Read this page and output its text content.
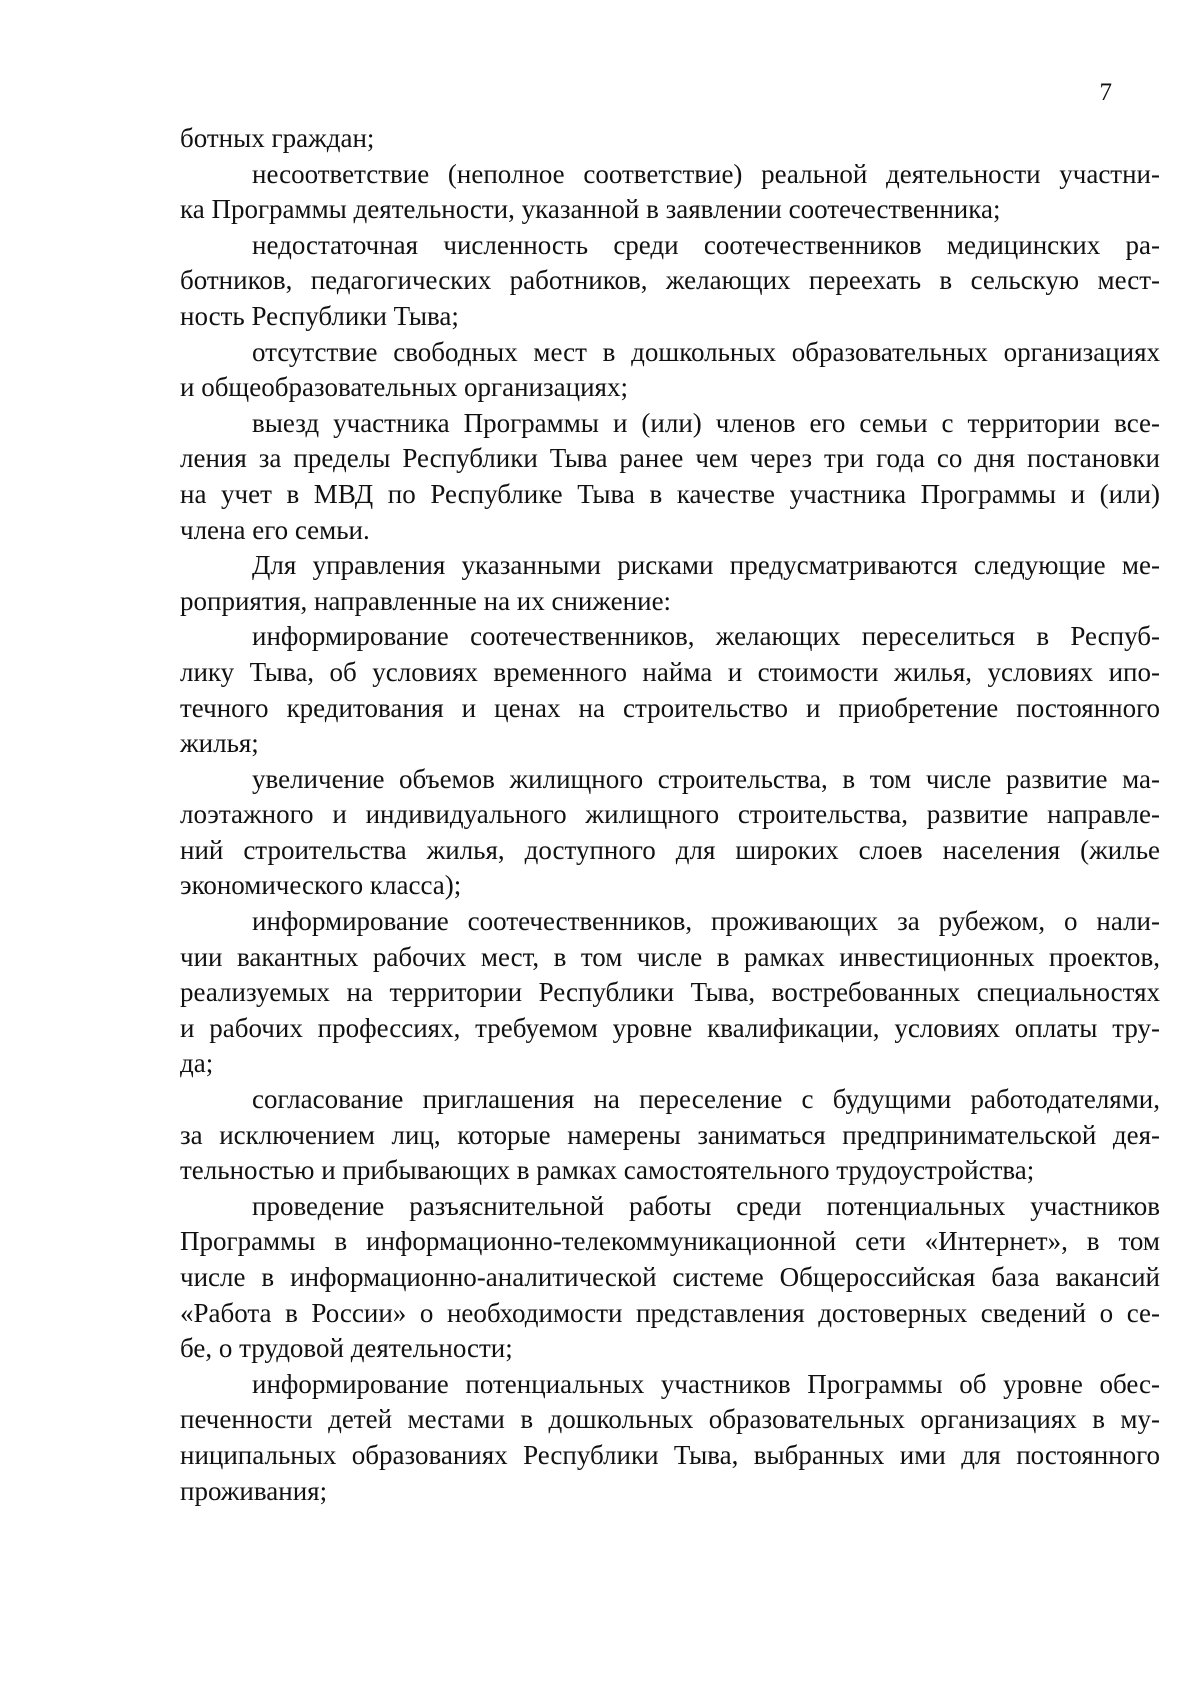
7

ботных граждан;

несоответствие (неполное соответствие) реальной деятельности участни-
ка Программы деятельности, указанной в заявлении соотечественника;

недостаточная численность среди соотечественников медицинских ра-
ботников, педагогических работников, желающих переехать в сельскую мест-
ность Республики Тыва;

отсутствие свободных мест в дошкольных образовательных организациях
и общеобразовательных организациях;

выезд участника Программы и (или) членов его семьи с территории все-
ления за пределы Республики Тыва ранее чем через три года со дня постановки
на учет в МВД по Республике Тыва в качестве участника Программы и (или)
члена его семьи.

Для управления указанными рисками предусматриваются следующие ме-
роприятия, направленные на их снижение:

информирование соотечественников, желающих переселиться в Респуб-
лику Тыва, об условиях временного найма и стоимости жилья, условиях ипо-
течного кредитования и ценах на строительство и приобретение постоянного
жилья;

увеличение объемов жилищного строительства, в том числе развитие ма-
лоэтажного и индивидуального жилищного строительства, развитие направле-
ний строительства жилья, доступного для широких слоев населения (жилье
экономического класса);

информирование соотечественников, проживающих за рубежом, о нали-
чии вакантных рабочих мест, в том числе в рамках инвестиционных проектов,
реализуемых на территории Республики Тыва, востребованных специальностях
и рабочих профессиях, требуемом уровне квалификации, условиях оплаты тру-
да;

согласование приглашения на переселение с будущими работодателями,
за исключением лиц, которые намерены заниматься предпринимательской дея-
тельностью и прибывающих в рамках самостоятельного трудоустройства;

проведение разъяснительной работы среди потенциальных участников
Программы в информационно-телекоммуникационной сети «Интернет», в том
числе в информационно-аналитической системе Общероссийская база вакансий
«Работа в России» о необходимости представления достоверных сведений о се-
бе, о трудовой деятельности;

информирование потенциальных участников Программы об уровне обес-
печенности детей местами в дошкольных образовательных организациях в му-
ниципальных образованиях Республики Тыва, выбранных ими для постоянного
проживания;
